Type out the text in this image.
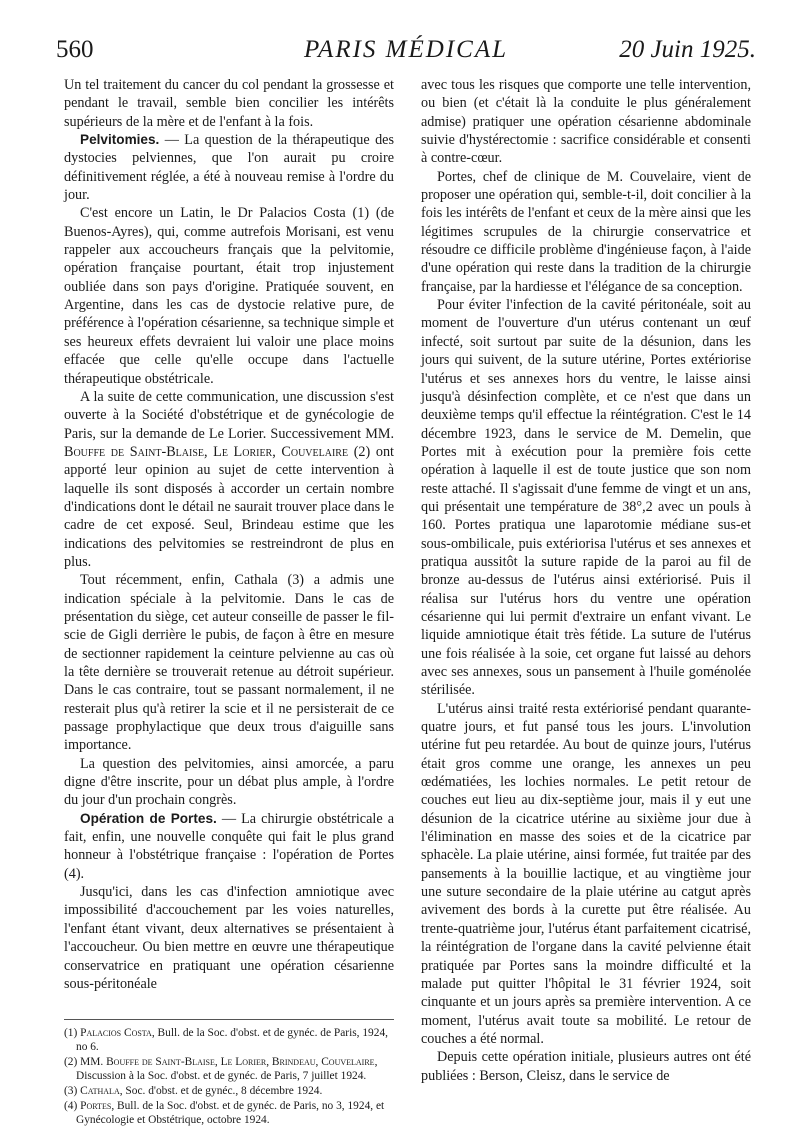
560	PARIS MÉDICAL	20 Juin 1925.

Un tel traitement du cancer du col pendant la grossesse et pendant le travail, semble bien concilier les intérêts supérieurs de la mère et de l'enfant à la fois.

Pelvitomies. — La question de la thérapeutique des dystocies pelviennes, que l'on aurait pu croire définitivement réglée, a été à nouveau remise à l'ordre du jour.

C'est encore un Latin, le Dr Palacios Costa (1) (de Buenos-Ayres), qui, comme autrefois Morisani, est venu rappeler aux accoucheurs français que la pelvitomie, opération française pourtant, était trop injustement oubliée dans son pays d'origine. Pratiquée souvent, en Argentine, dans les cas de dystocie relative pure, de préférence à l'opération césarienne, sa technique simple et ses heureux effets devraient lui valoir une place moins effacée que celle qu'elle occupe dans l'actuelle thérapeutique obstétricale.

A la suite de cette communication, une discussion s'est ouverte à la Société d'obstétrique et de gynécologie de Paris, sur la demande de Le Lorier. Successivement MM. Bouffe de Saint-Blaise, Le Lorier, Couvelaire (2) ont apporté leur opinion au sujet de cette intervention à laquelle ils sont disposés à accorder un certain nombre d'indications dont le détail ne saurait trouver place dans le cadre de cet exposé. Seul, Brindeau estime que les indications des pelvitomies se restreindront de plus en plus.

Tout récemment, enfin, Cathala (3) a admis une indication spéciale à la pelvitomie. Dans le cas de présentation du siège, cet auteur conseille de passer le fil-scie de Gigli derrière le pubis, de façon à être en mesure de sectionner rapidement la ceinture pelvienne au cas où la tête dernière se trouverait retenue au détroit supérieur. Dans le cas contraire, tout se passant normalement, il ne resterait plus qu'à retirer la scie et il ne persisterait de ce passage prophylactique que deux trous d'aiguille sans importance.

La question des pelvitomies, ainsi amorcée, a paru digne d'être inscrite, pour un débat plus ample, à l'ordre du jour d'un prochain congrès.

Opération de Portes. — La chirurgie obstétricale a fait, enfin, une nouvelle conquête qui fait le plus grand honneur à l'obstétrique française : l'opération de Portes (4).

Jusqu'ici, dans les cas d'infection amniotique avec impossibilité d'accouchement par les voies naturelles, l'enfant étant vivant, deux alternatives se présentaient à l'accoucheur. Ou bien mettre en œuvre une thérapeutique conservatrice en pratiquant une opération césarienne sous-péritonéale

(1) Palacios Costa, Bull. de la Soc. d'obst. et de gynéc. de Paris, 1924, no 6.

(2) MM. Bouffe de Saint-Blaise, Le Lorier, Brindeau, Couvelaire, Discussion à la Soc. d'obst. et de gynéc. de Paris, 7 juillet 1924.

(3) Cathala, Soc. d'obst. et de gynéc., 8 décembre 1924.

(4) Portes, Bull. de la Soc. d'obst. et de gynéc. de Paris, no 3, 1924, et Gynécologie et Obstétrique, octobre 1924.

avec tous les risques que comporte une telle intervention, ou bien (et c'était là la conduite le plus généralement admise) pratiquer une opération césarienne abdominale suivie d'hystérectomie : sacrifice considérable et consenti à contre-cœur.

Portes, chef de clinique de M. Couvelaire, vient de proposer une opération qui, semble-t-il, doit concilier à la fois les intérêts de l'enfant et ceux de la mère ainsi que les légitimes scrupules de la chirurgie conservatrice et résoudre ce difficile problème d'ingénieuse façon, à l'aide d'une opération qui reste dans la tradition de la chirurgie française, par la hardiesse et l'élégance de sa conception.

Pour éviter l'infection de la cavité péritonéale, soit au moment de l'ouverture d'un utérus contenant un œuf infecté, soit surtout par suite de la désunion, dans les jours qui suivent, de la suture utérine, Portes extériorise l'utérus et ses annexes hors du ventre, le laisse ainsi jusqu'à désinfection complète, et ce n'est que dans un deuxième temps qu'il effectue la réintégration. C'est le 14 décembre 1923, dans le service de M. Demelin, que Portes mit à exécution pour la première fois cette opération à laquelle il est de toute justice que son nom reste attaché. Il s'agissait d'une femme de vingt et un ans, qui présentait une température de 38°,2 avec un pouls à 160. Portes pratiqua une laparotomie médiane sus-et sous-ombilicale, puis extériorisa l'utérus et ses annexes et pratiqua aussitôt la suture rapide de la paroi au fil de bronze au-dessus de l'utérus ainsi extériorisé. Puis il réalisa sur l'utérus hors du ventre une opération césarienne qui lui permit d'extraire un enfant vivant. Le liquide amniotique était très fétide. La suture de l'utérus une fois réalisée à la soie, cet organe fut laissé au dehors avec ses annexes, sous un pansement à l'huile goménolée stérilisée.

L'utérus ainsi traité resta extériorisé pendant quarante-quatre jours, et fut pansé tous les jours. L'involution utérine fut peu retardée. Au bout de quinze jours, l'utérus était gros comme une orange, les annexes un peu œdématiées, les lochies normales. Le petit retour de couches eut lieu au dix-septième jour, mais il y eut une désunion de la cicatrice utérine au sixième jour due à l'élimination en masse des soies et de la cicatrice par sphacèle. La plaie utérine, ainsi formée, fut traitée par des pansements à la bouillie lactique, et au vingtième jour une suture secondaire de la plaie utérine au catgut après avivement des bords à la curette put être réalisée. Au trente-quatrième jour, l'utérus étant parfaitement cicatrisé, la réintégration de l'organe dans la cavité pelvienne était pratiquée par Portes sans la moindre difficulté et la malade put quitter l'hôpital le 31 février 1924, soit cinquante et un jours après sa première intervention. A ce moment, l'utérus avait toute sa mobilité. Le retour de couches a été normal.

Depuis cette opération initiale, plusieurs autres ont été publiées : Berson, Cleisz, dans le service de
